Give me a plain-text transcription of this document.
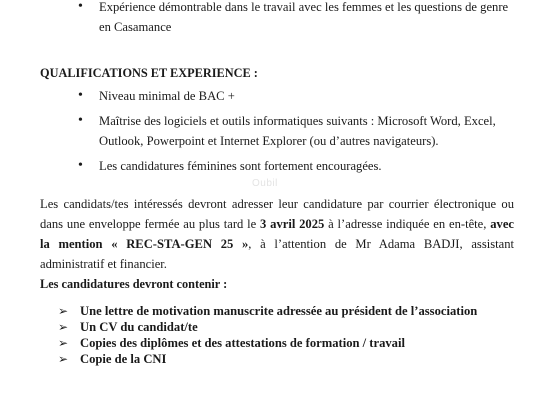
• Expérience démontrable dans le travail avec les femmes et les questions de genre en Casamance
QUALIFICATIONS ET EXPERIENCE :
• Niveau minimal de BAC +
• Maîtrise des logiciels et outils informatiques suivants : Microsoft Word, Excel, Outlook, Powerpoint et Internet Explorer (ou d’autres navigateurs).
• Les candidatures féminines sont fortement encouragées.
Oubil

Les candidats/tes intéressés devront adresser leur candidature par courrier électronique ou dans une enveloppe fermée au plus tard le 3 avril 2025 à l’adresse indiquée en en-tête, avec la mention « REC-STA-GEN 25 », à l’attention de Mr Adama BADJI, assistant administratif et financier.

Les candidatures devront contenir :
➢ Une lettre de motivation manuscrite adressée au président de l’association
➢ Un CV du candidat/te
➢ Copies des diplômes et des attestations de formation / travail
➢ Copie de la CNI
